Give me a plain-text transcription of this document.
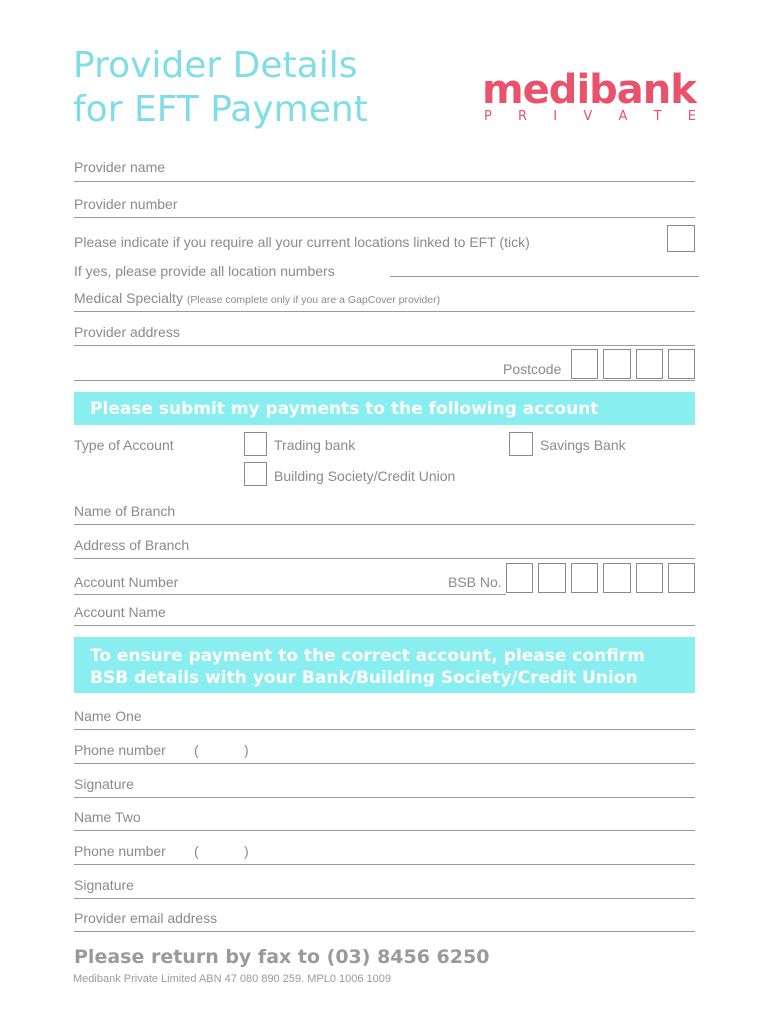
Provider Details
for EFT Payment	medibank
P R I V A T E
Provider name
Provider number
Please indicate if you require all your current locations linked to EFT (tick)
If yes, please provide all location numbers
Medical Specialty (Please complete only if you are a GapCover provider)
Provider address
Postcode
Please submit my payments to the following account
Type of Account	Trading bank	Savings Bank
Building Society/Credit Union
Name of Branch
Address of Branch
Account Number	BSB No.
Account Name
To ensure payment to the correct account, please confirm
BSB details with your Bank/Building Society/Credit Union
Name One
Phone number (	)
Signature
Name Two
Phone number (	)
Signature
Provider email address
Please return by fax to (03) 8456 6250
Medibank Private Limited ABN 47 080 890 259. MPL0 1006 1009
